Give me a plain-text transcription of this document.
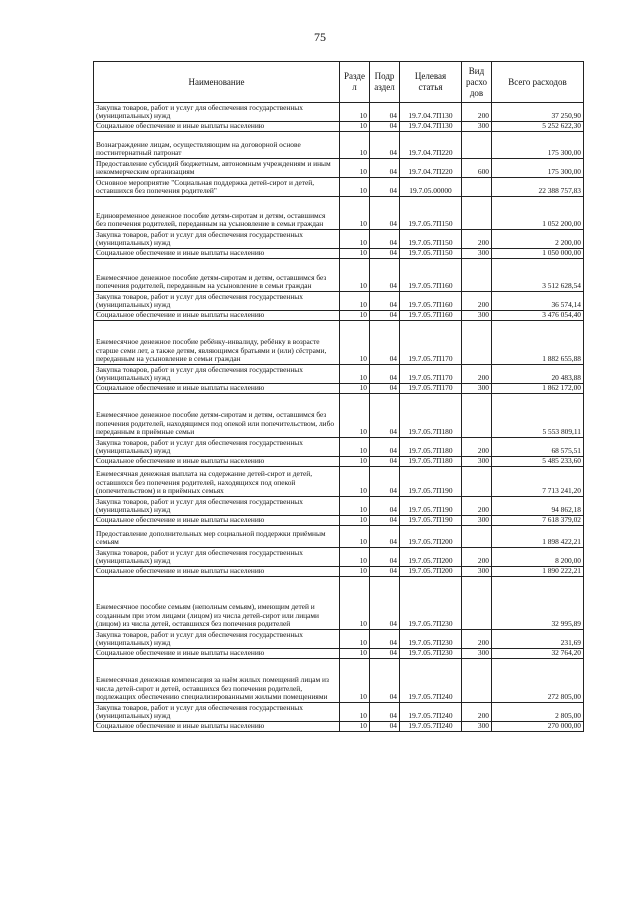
75
Наименование	Разде л	Подр аздел	Целевая статья	Вид расхо дов	Всего расходов
Закупка товаров, работ и услуг для обеспечения государственных (муниципальных) нужд	10	04	19.7.04.7П130	200	37 250,90
Социальное обеспечение и иные выплаты населению	10	04	19.7.04.7П130	300	5 252 622,30
Вознаграждение лицам, осуществляющим на договорной основе постинтернатный патронат	10	04	19.7.04.7П220		175 300,00
Предоставление субсидий бюджетным, автономным учреждениям и иным некоммерческим организациям	10	04	19.7.04.7П220	600	175 300,00
Основное мероприятие "Социальная поддержка детей-сирот и детей, оставшихся без попечения родителей"	10	04	19.7.05.00000		22 388 757,83
Единовременное денежное пособие детям-сиротам и детям, оставшимся без попечения родителей, переданным на усыновление в семьи граждан	10	04	19.7.05.7П150		1 052 200,00
Закупка товаров, работ и услуг для обеспечения государственных (муниципальных) нужд	10	04	19.7.05.7П150	200	2 200,00
Социальное обеспечение и иные выплаты населению	10	04	19.7.05.7П150	300	1 050 000,00
Ежемесячное денежное пособие детям-сиротам и детям, оставшимся без попечения родителей, переданным на усыновление в семьи граждан	10	04	19.7.05.7П160		3 512 628,54
Закупка товаров, работ и услуг для обеспечения государственных (муниципальных) нужд	10	04	19.7.05.7П160	200	36 574,14
Социальное обеспечение и иные выплаты населению	10	04	19.7.05.7П160	300	3 476 054,40
Ежемесячное денежное пособие ребёнку-инвалиду, ребёнку в возрасте старше семи лет, а также детям, являющимся братьями и (или) сёстрами, переданным на усыновление в семьи граждан	10	04	19.7.05.7П170		1 882 655,88
Закупка товаров, работ и услуг для обеспечения государственных (муниципальных) нужд	10	04	19.7.05.7П170	200	20 483,88
Социальное обеспечение и иные выплаты населению	10	04	19.7.05.7П170	300	1 862 172,00
Ежемесячное денежное пособие детям-сиротам и детям, оставшимся без попечения родителей, находящимся под опекой или попечительством, либо переданным в приёмные семьи	10	04	19.7.05.7П180		5 553 809,11
Закупка товаров, работ и услуг для обеспечения государственных (муниципальных) нужд	10	04	19.7.05.7П180	200	68 575,51
Социальное обеспечение и иные выплаты населению	10	04	19.7.05.7П180	300	5 485 233,60
Ежемесячная денежная выплата на содержание детей-сирот и детей, оставшихся без попечения родителей, находящихся под опекой (попечительством) и в приёмных семьях	10	04	19.7.05.7П190		7 713 241,20
Закупка товаров, работ и услуг для обеспечения государственных (муниципальных) нужд	10	04	19.7.05.7П190	200	94 862,18
Социальное обеспечение и иные выплаты населению	10	04	19.7.05.7П190	300	7 618 379,02
Предоставление дополнительных мер социальной поддержки приёмным семьям	10	04	19.7.05.7П200		1 898 422,21
Закупка товаров, работ и услуг для обеспечения государственных (муниципальных) нужд	10	04	19.7.05.7П200	200	8 200,00
Социальное обеспечение и иные выплаты населению	10	04	19.7.05.7П200	300	1 890 222,21
Ежемесячное пособие семьям (неполным семьям), имеющим детей и созданным при этом лицами (лицом) из числа детей-сирот или лицами (лицом) из числа детей, оставшихся без попечения родителей	10	04	19.7.05.7П230		32 995,89
Закупка товаров, работ и услуг для обеспечения государственных (муниципальных) нужд	10	04	19.7.05.7П230	200	231,69
Социальное обеспечение и иные выплаты населению	10	04	19.7.05.7П230	300	32 764,20
Ежемесячная денежная компенсация за наём жилых помещений лицам из числа детей-сирот и детей, оставшихся без попечения родителей, подлежащих обеспечению специализированными жилыми помещениями	10	04	19.7.05.7П240		272 805,00
Закупка товаров, работ и услуг для обеспечения государственных (муниципальных) нужд	10	04	19.7.05.7П240	200	2 805,00
Социальное обеспечение и иные выплаты населению	10	04	19.7.05.7П240	300	270 000,00
